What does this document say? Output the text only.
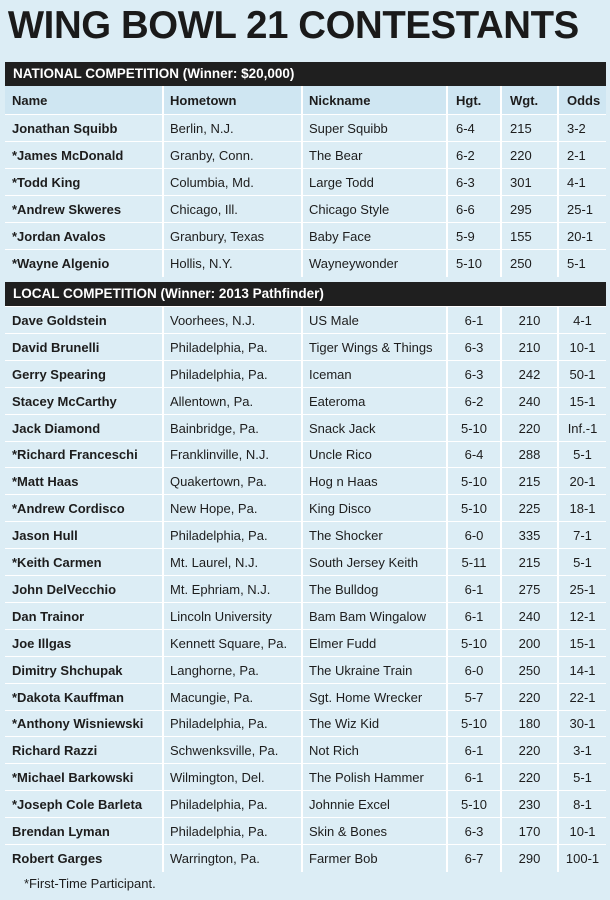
WING BOWL 21 CONTESTANTS
NATIONAL COMPETITION (Winner: $20,000)
Name	Hometown	Nickname	Hgt.	Wgt.	Odds
Jonathan Squibb	Berlin, N.J.	Super Squibb	6-4	215	3-2
*James McDonald	Granby, Conn.	The Bear	6-2	220	2-1
*Todd King	Columbia, Md.	Large Todd	6-3	301	4-1
*Andrew Skweres	Chicago, Ill.	Chicago Style	6-6	295	25-1
*Jordan Avalos	Granbury, Texas	Baby Face	5-9	155	20-1
*Wayne Algenio	Hollis, N.Y.	Wayneywonder	5-10	250	5-1
LOCAL COMPETITION (Winner: 2013 Pathfinder)
Dave Goldstein	Voorhees, N.J.	US Male	6-1	210	4-1
David Brunelli	Philadelphia, Pa.	Tiger Wings & Things	6-3	210	10-1
Gerry Spearing	Philadelphia, Pa.	Iceman	6-3	242	50-1
Stacey McCarthy	Allentown, Pa.	Eateroma	6-2	240	15-1
Jack Diamond	Bainbridge, Pa.	Snack Jack	5-10	220	Inf.-1
*Richard Franceschi	Franklinville, N.J.	Uncle Rico	6-4	288	5-1
*Matt Haas	Quakertown, Pa.	Hog n Haas	5-10	215	20-1
*Andrew Cordisco	New Hope, Pa.	King Disco	5-10	225	18-1
Jason Hull	Philadelphia, Pa.	The Shocker	6-0	335	7-1
*Keith Carmen	Mt. Laurel, N.J.	South Jersey Keith	5-11	215	5-1
John DelVecchio	Mt. Ephriam, N.J.	The Bulldog	6-1	275	25-1
Dan Trainor	Lincoln University	Bam Bam Wingalow	6-1	240	12-1
Joe Illgas	Kennett Square, Pa.	Elmer Fudd	5-10	200	15-1
Dimitry Shchupak	Langhorne, Pa.	The Ukraine Train	6-0	250	14-1
*Dakota Kauffman	Macungie, Pa.	Sgt. Home Wrecker	5-7	220	22-1
*Anthony Wisniewski	Philadelphia, Pa.	The Wiz Kid	5-10	180	30-1
Richard Razzi	Schwenksville, Pa.	Not Rich	6-1	220	3-1
*Michael Barkowski	Wilmington, Del.	The Polish Hammer	6-1	220	5-1
*Joseph Cole Barleta	Philadelphia, Pa.	Johnnie Excel	5-10	230	8-1
Brendan Lyman	Philadelphia, Pa.	Skin & Bones	6-3	170	10-1
Robert Garges	Warrington, Pa.	Farmer Bob	6-7	290	100-1
*First-Time Participant.
